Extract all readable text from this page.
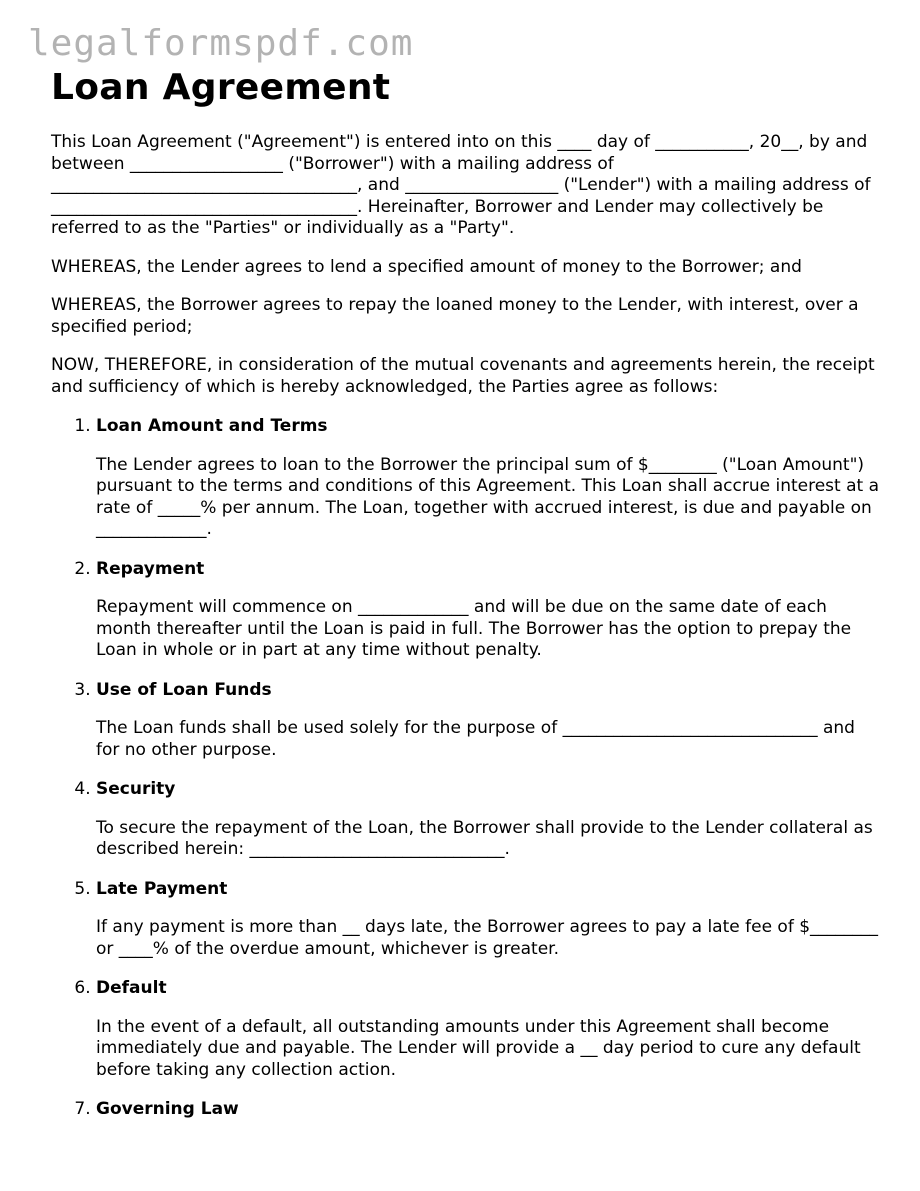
legalformspdf.com
Loan Agreement

This Loan Agreement ("Agreement") is entered into on this ____ day of ___________, 20__, by and between __________________ ("Borrower") with a mailing address of ____________________________________, and __________________ ("Lender") with a mailing address of ____________________________________. Hereinafter, Borrower and Lender may collectively be referred to as the "Parties" or individually as a "Party".

WHEREAS, the Lender agrees to lend a specified amount of money to the Borrower; and

WHEREAS, the Borrower agrees to repay the loaned money to the Lender, with interest, over a specified period;

NOW, THEREFORE, in consideration of the mutual covenants and agreements herein, the receipt and sufficiency of which is hereby acknowledged, the Parties agree as follows:

1. Loan Amount and Terms
The Lender agrees to loan to the Borrower the principal sum of $________ ("Loan Amount") pursuant to the terms and conditions of this Agreement. This Loan shall accrue interest at a rate of _____% per annum. The Loan, together with accrued interest, is due and payable on _____________.
2. Repayment
Repayment will commence on _____________ and will be due on the same date of each month thereafter until the Loan is paid in full. The Borrower has the option to prepay the Loan in whole or in part at any time without penalty.
3. Use of Loan Funds
The Loan funds shall be used solely for the purpose of ______________________________ and for no other purpose.
4. Security
To secure the repayment of the Loan, the Borrower shall provide to the Lender collateral as described herein: ______________________________.
5. Late Payment
If any payment is more than __ days late, the Borrower agrees to pay a late fee of $________ or ____% of the overdue amount, whichever is greater.
6. Default
In the event of a default, all outstanding amounts under this Agreement shall become immediately due and payable. The Lender will provide a __ day period to cure any default before taking any collection action.
7. Governing Law
